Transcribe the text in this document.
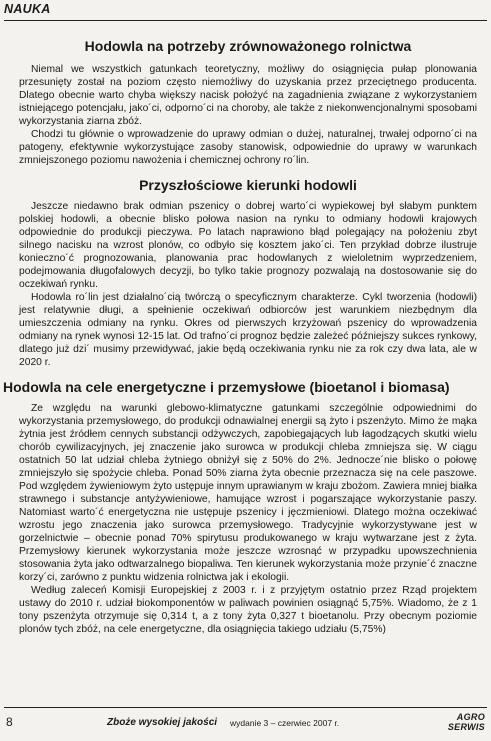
NAUKA
Hodowla na potrzeby zrównoważonego rolnictwa

Niemal we wszystkich gatunkach teoretyczny, możliwy do osiągnięcia pułap plonowania przesunięty został na poziom często niemożliwy do uzyskania przez przeciętnego producenta. Dlatego obecnie warto chyba większy nacisk położyć na zagadnienia związane z wykorzystaniem istniejącego potencjału, jako´ci, odporno´ci na choroby, ale także z niekonwencjonalnymi sposobami wykorzystania ziarna zbóż.

Chodzi tu głównie o wprowadzenie do uprawy odmian o dużej, naturalnej, trwałej odporno´ci na patogeny, efektywnie wykorzystujące zasoby stanowisk, odpowiednie do uprawy w warunkach zmniejszonego poziomu nawożenia i chemicznej ochrony ro´lin.

Przyszłościowe kierunki hodowli

Jeszcze niedawno brak odmian pszenicy o dobrej warto´ci wypiekowej był słabym punktem polskiej hodowli, a obecnie blisko połowa nasion na rynku to odmiany hodowli krajowych odpowiednie do produkcji pieczywa. Po latach naprawiono błąd polegający na położeniu zbyt silnego nacisku na wzrost plonów, co odbyło się kosztem jako´ci. Ten przykład dobrze ilustruje konieczno´ć prognozowania, planowania prac hodowlanych z wieloletnim wyprzedzeniem, podejmowania długofalowych decyzji, bo tylko takie prognozy pozwalają na dostosowanie się do oczekiwań rynku.

Hodowla ro´lin jest działalno´cią twórczą o specyficznym charakterze. Cykl tworzenia (hodowli) jest relatywnie długi, a spełnienie oczekiwań odbiorców jest warunkiem niezbędnym dla umieszczenia odmiany na rynku. Okres od pierwszych krzyżowań pszenicy do wprowadzenia odmiany na rynek wynosi 12-15 lat. Od trafno´ci prognoz będzie zależeć późniejszy sukces rynkowy, dlatego już dzi´ musimy przewidywać, jakie będą oczekiwania rynku nie za rok czy dwa lata, ale w 2020 r.

Hodowla na cele energetyczne i przemysłowe (bioetanol i biomasa)

Ze względu na warunki glebowo-klimatyczne gatunkami szczególnie odpowiednimi do wykorzystania przemysłowego, do produkcji odnawialnej energii są żyto i pszenżyto. Mimo że mąka żytnia jest źródłem cennych substancji odżywczych, zapobiegających lub łagodzących skutki wielu chorób cywilizacyjnych, jej znaczenie jako surowca w produkcji chleba zmniejsza się. W ciągu ostatnich 50 lat udział chleba żytniego obniżył się z 50% do 2%. Jednocze´nie blisko o połowę zmniejszyło się spożycie chleba. Ponad 50% ziarna żyta obecnie przeznacza się na cele paszowe. Pod względem żywieniowym żyto ustępuje innym uprawianym w kraju zbożom. Zawiera mniej białka strawnego i substancje antyżywieniowe, hamujące wzrost i pogarszające wykorzystanie paszy. Natomiast warto´ć energetyczna nie ustępuje pszenicy i jęczmieniowi. Dlatego można oczekiwać wzrostu jego znaczenia jako surowca przemysłowego. Tradycyjnie wykorzystywane jest w gorzelnictwie – obecnie ponad 70% spirytusu produkowanego w kraju wytwarzane jest z żyta. Przemysłowy kierunek wykorzystania może jeszcze wzrosnąć w przypadku upowszechnienia stosowania żyta jako odtwarzalnego biopaliwa. Ten kierunek wykorzystania może przynie´ć znaczne korzy´ci, zarówno z punktu widzenia rolnictwa jak i ekologii.

Według zaleceń Komisji Europejskiej z 2003 r. i z przyjętym ostatnio przez Rząd projektem ustawy do 2010 r. udział biokomponentów w paliwach powinien osiągnąć 5,75%. Wiadomo, że z 1 tony pszenżyta otrzymuje się 0,314 t, a z tony żyta 0,327 t bioetanolu. Przy obecnym poziomie plonów tych zbóż, na cele energetyczne, dla osiągnięcia takiego udziału (5,75%)

8	Zboże wysokiej jakości wydanie 3 – czerwiec 2007 r.
AGRO
SERWIS
